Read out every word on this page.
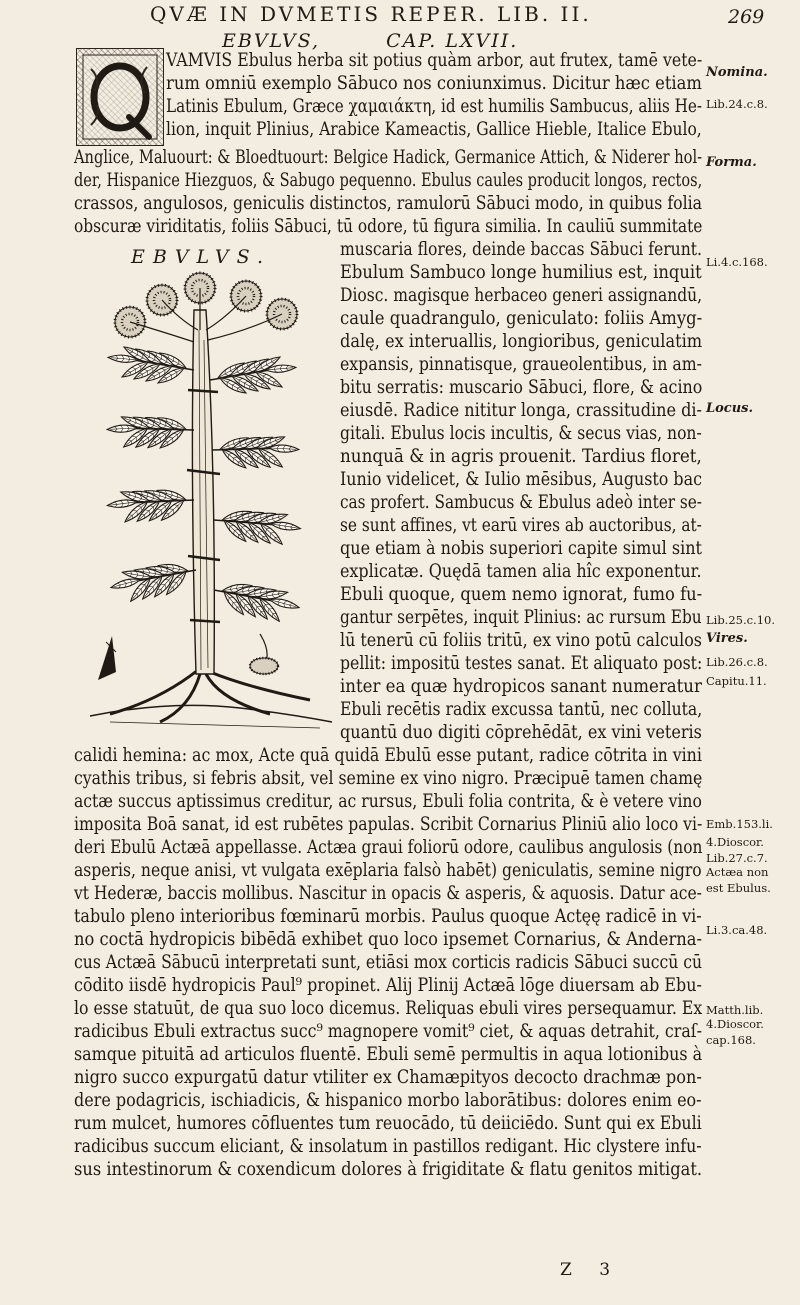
QVÆ IN DVMETIS REPER. LIB. II.	269
EBVLVS,	CAP. LXVII.
VAMVIS Ebulus herba sit potius quàm arbor, aut frutex, tamē vete-
rum omniū exemplo Sābuco nos coniunximus. Dicitur hæc etiam
Latinis Ebulum, Græce χαμαιάκτη, id est humilis Sambucus, aliis He-
lion, inquit Plinius, Arabice Kameactis, Gallice Hieble, Italice Ebulo,
Anglice, Maluourt: & Bloedtuourt: Belgice Hadick, Germanice Attich, & Niderer hol-
der, Hispanice Hiezguos, & Sabugo pequenno. Ebulus caules producit longos, rectos,
crassos, angulosos, geniculis distinctos, ramulorū Sābuci modo, in quibus folia
obscuræ viriditatis, foliis Sābuci, tū odore, tū figura similia. In cauliū summitate
muscaria flores, deinde baccas Sābuci ferunt.
Ebulum Sambuco longe humilius est, inquit
Diosc. magisque herbaceo generi assignandū,
caule quadrangulo, geniculato: foliis Amyg-
dalę, ex interuallis, longioribus, geniculatim
expansis, pinnatisque, graueolentibus, in am-
bitu serratis: muscario Sābuci, flore, & acino
eiusdē. Radice nititur longa, crassitudine di-
gitali. Ebulus locis incultis, & secus vias, non-
nunquā & in agris prouenit. Tardius floret,
Iunio videlicet, & Iulio mēsibus, Augusto bac
cas profert. Sambucus & Ebulus adeò inter se-
se sunt affines, vt earū vires ab auctoribus, at-
que etiam à nobis superiori capite simul sint
explicatæ. Quędā tamen alia hîc exponentur.
Ebuli quoque, quem nemo ignorat, fumo fu-
gantur serpētes, inquit Plinius: ac rursum Ebu
lū tenerū cū foliis tritū, ex vino potū calculos
pellit: impositū testes sanat. Et aliquato post:
inter ea quæ hydropicos sanant numeratur
Ebuli recētis radix excussa tantū, nec colluta,
quantū duo digiti cōprehēdāt, ex vini veteris
calidi hemina: ac mox, Acte quā quidā Ebulū esse putant, radice cōtrita in vini
cyathis tribus, si febris absit, vel semine ex vino nigro. Præcipuē tamen chamę
actæ succus aptissimus creditur, ac rursus, Ebuli folia contrita, & è vetere vino
imposita Boā sanat, id est rubētes papulas. Scribit Cornarius Pliniū alio loco vi-
deri Ebulū Actæā appellasse. Actæa graui foliorū odore, caulibus angulosis (non
asperis, neque anisi, vt vulgata exēplaria falsò habēt) geniculatis, semine nigro
vt Hederæ, baccis mollibus. Nascitur in opacis & asperis, & aquosis. Datur ace-
tabulo pleno interioribus fœminarū morbis. Paulus quoque Actęę radicē in vi-
no coctā hydropicis bibēdā exhibet quo loco ipsemet Cornarius, & Anderna-
cus Actæā Sābucū interpretati sunt, etiāsi mox corticis radicis Sābuci succū cū
cōdito iisdē hydropicis Paul⁹ propinet. Alij Plinij Actæā lōge diuersam ab Ebu-
lo esse statuūt, de qua suo loco dicemus. Reliquas ebuli vires persequamur. Ex
radicibus Ebuli extractus succ⁹ magnopere vomit⁹ ciet, & aquas detrahit, craſ-
samque pituitā ad articulos fluentē. Ebuli semē permultis in aqua lotionibus à
nigro succo expurgatū datur vtiliter ex Chamæpityos decocto drachmæ pon-
dere podagricis, ischiadicis, & hispanico morbo laborātibus: dolores enim eo-
rum mulcet, humores cōfluentes tum reuocādo, tū deiiciēdo. Sunt qui ex Ebuli
radicibus succum eliciant, & insolatum in pastillos redigant. Hic clystere infu-
sus intestinorum & coxendicum dolores à frigiditate & flatu genitos mitigat.
EBVLVS.
Nomina.
Lib.24.c.8.
Forma.
Li.4.c.168.
Locus.
Lib.25.c.10.
Vires.
Lib.26.c.8.
Capitu.11.
Emb.153.li.
4.Dioscor.
Lib.27.c.7.
Actæa non
est Ebulus.
Li.3.ca.48.
Matth.lib.
4.Dioscor.
cap.168.
Z 3
